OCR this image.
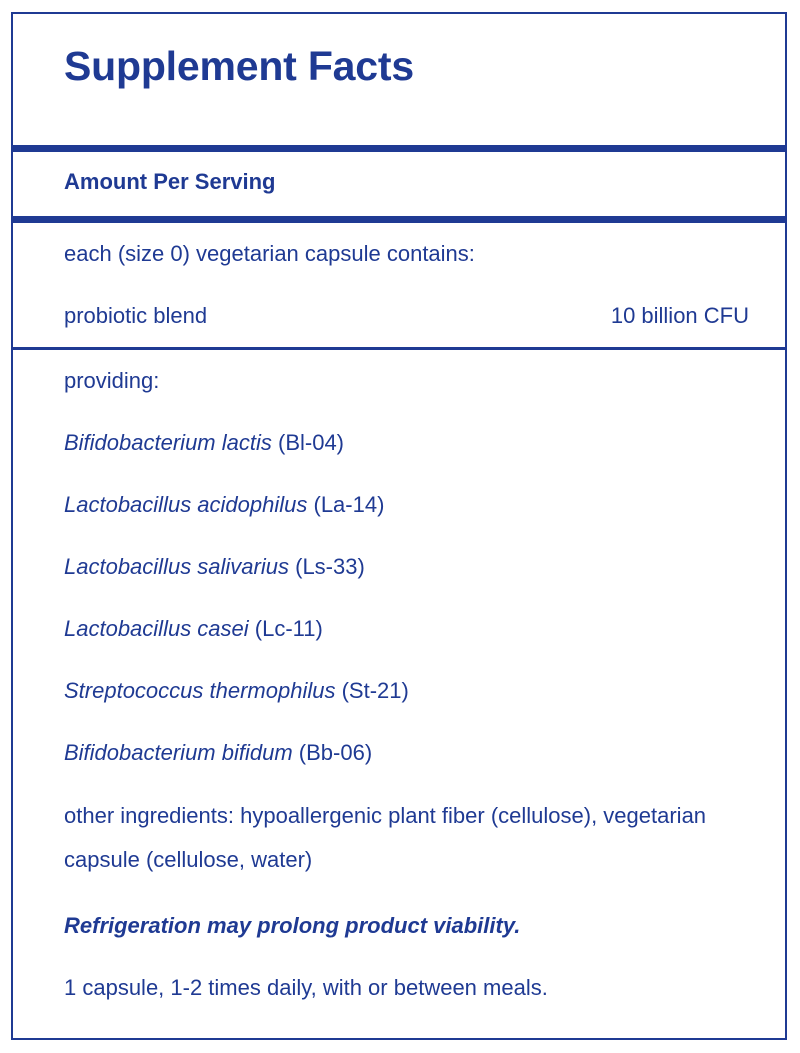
Supplement Facts
Amount Per Serving
each (size 0) vegetarian capsule contains:
probiotic blend	10 billion CFU
providing:
Bifidobacterium lactis (Bl-04)
Lactobacillus acidophilus (La-14)
Lactobacillus salivarius (Ls-33)
Lactobacillus casei (Lc-11)
Streptococcus thermophilus (St-21)
Bifidobacterium bifidum (Bb-06)
other ingredients: hypoallergenic plant fiber (cellulose), vegetarian capsule (cellulose, water)
Refrigeration may prolong product viability.
1 capsule, 1-2 times daily, with or between meals.
